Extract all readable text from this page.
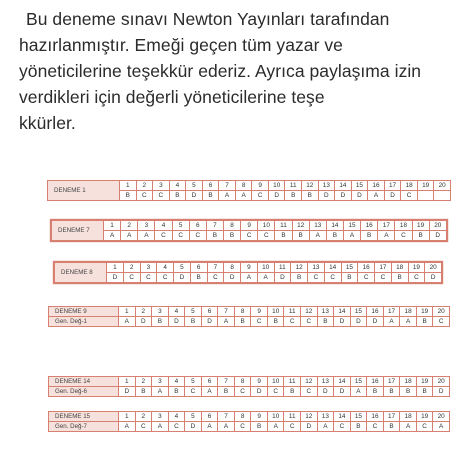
Bu deneme sınavı Newton Yayınları tarafından
hazırlanmıştır. Emeği geçen tüm yazar ve
yöneticilerine teşekkür ederiz. Ayrıca paylaşıma izin
verdikleri için değerli yöneticilerine teşe
kkürler.
DENEME 1	1	2	3	4	5	6	7	8	9	10	11	12	13	14	15	16	17	18	19	20
	B	C	C	B	D	B	A	A	C	D	B	B	D	D	D	A	D	C		
DENEME 7	1	2	3	4	5	6	7	8	9	10	11	12	13	14	15	16	17	18	19	20
	A	A	A	C	C	C	B	B	C	C	B	B	A	B	A	B	A	C	B	D
DENEME 8	1	2	3	4	5	6	7	8	9	10	11	12	13	14	15	16	17	18	19	20
	D	C	C	C	D	B	C	D	A	A	D	B	C	C	B	C	C	B	C	D
DENEME 9	1	2	3	4	5	6	7	8	9	10	11	12	13	14	15	16	17	18	19	20
Gen. Değ-1	A	D	B	D	B	D	A	B	C	B	C	C	B	D	D	D	A	A	B	C
DENEME 14	1	2	3	4	5	6	7	8	9	10	11	12	13	14	15	16	17	18	19	20
Gen. Değ-6	D	B	A	B	C	A	B	C	D	C	B	C	D	D	A	B	B	B	B	D
DENEME 15	1	2	3	4	5	6	7	8	9	10	11	12	13	14	15	16	17	18	19	20
Gen. Değ-7	A	C	A	C	D	A	A	C	B	A	C	D	A	C	B	C	B	A	C	A
